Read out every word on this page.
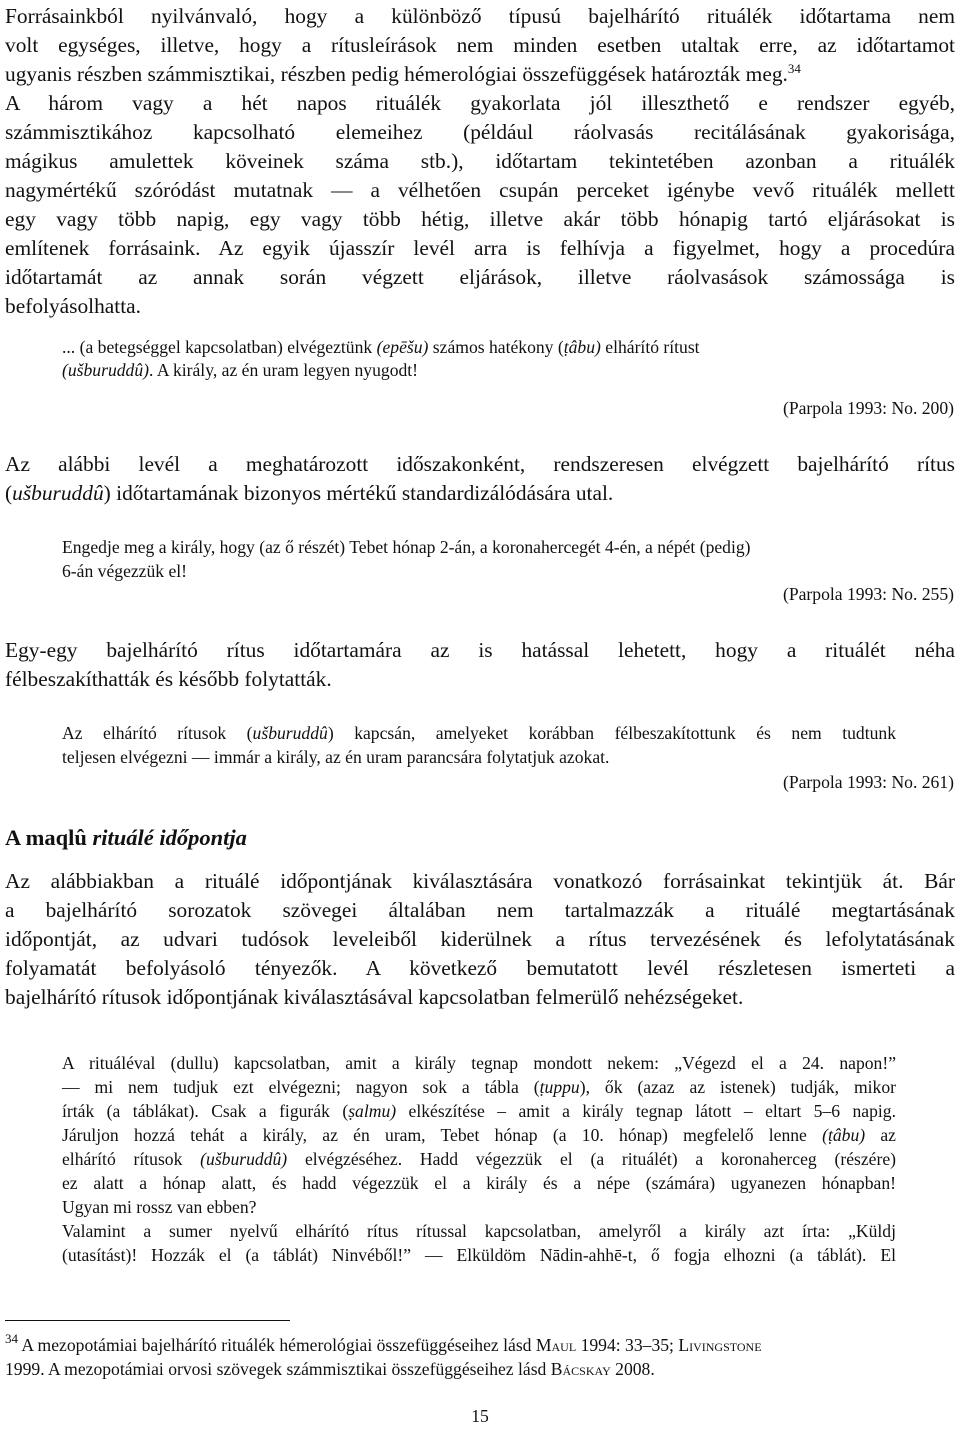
Forrásainkból nyilvánvaló, hogy a különböző típusú bajelhárító rituálék időtartama nem

volt egységes, illetve, hogy a rítusleírások nem minden esetben utaltak erre, az időtartamot

ugyanis részben számmisztikai, részben pedig hémerológiai összefüggések határozták meg.$^{34}$

A három vagy a hét napos rituálék gyakorlata jól illeszthető e rendszer egyéb,

számmisztikához kapcsolható elemeihez (például ráolvasás recitálásának gyakorisága,

mágikus amulettek köveinek száma stb.), időtartam tekintetében azonban a rituálék

nagymértékű szóródást mutatnak ― a vélhetően csupán perceket igénybe vevő rituálék mellett

egy vagy több napig, egy vagy több hétig, illetve akár több hónapig tartó eljárásokat is

említenek forrásaink. Az egyik újasszír levél arra is felhívja a figyelmet, hogy a procedúra

időtartamát az annak során végzett eljárások, illetve ráolvasások számossága is

befolyásolhatta.

... (a betegséggel kapcsolatban) elvégeztünk (epēšu) számos hatékony (ṭâbu) elhárító rítust

(ušburuddû). A király, az én uram legyen nyugodt!

(Parpola 1993: No. 200)

Az alábbi levél a meghatározott időszakonként, rendszeresen elvégzett bajelhárító rítus

(ušburuddû) időtartamának bizonyos mértékű standardizálódására utal.

Engedje meg a király, hogy (az ő részét) Tebet hónap 2-án, a koronahercegét 4-én, a népét (pedig)

6-án végezzük el!

(Parpola 1993: No. 255)

Egy-egy bajelhárító rítus időtartamára az is hatással lehetett, hogy a rituálét néha

félbeszakíthatták és később folytatták.

Az elhárító rítusok (ušburuddû) kapcsán, amelyeket korábban félbeszakítottunk és nem tudtunk

teljesen elvégezni ― immár a király, az én uram parancsára folytatjuk azokat.

(Parpola 1993: No. 261)

A maqlû rituálé időpontja

Az alábbiakban a rituálé időpontjának kiválasztására vonatkozó forrásainkat tekintjük át. Bár

a bajelhárító sorozatok szövegei általában nem tartalmazzák a rituálé megtartásának

időpontját, az udvari tudósok leveleiből kiderülnek a rítus tervezésének és lefolytatásának

folyamatát befolyásoló tényezők. A következő bemutatott levél részletesen ismerteti a

bajelhárító rítusok időpontjának kiválasztásával kapcsolatban felmerülő nehézségeket.

A rituáléval (dullu) kapcsolatban, amit a király tegnap mondott nekem: „Végezd el a 24. napon!”

― mi nem tudjuk ezt elvégezni; nagyon sok a tábla (ṭuppu), ők (azaz az istenek) tudják, mikor

írták (a táblákat). Csak a figurák (ṣalmu) elkészítése – amit a király tegnap látott – eltart 5–6 napig.

Járuljon hozzá tehát a király, az én uram, Tebet hónap (a 10. hónap) megfelelő lenne (ṭâbu) az

elhárító rítusok (ušburuddû) elvégzéséhez. Hadd végezzük el (a rituálét) a koronaherceg (részére)

ez alatt a hónap alatt, és hadd végezzük el a király és a népe (számára) ugyanezen hónapban!

Ugyan mi rossz van ebben?

Valamint a sumer nyelvű elhárító rítus rítussal kapcsolatban, amelyről a király azt írta: „Küldj

(utasítást)! Hozzák el (a táblát) Ninvéből!” ― Elküldöm Nādin-ahhē-t, ő fogja elhozni (a táblát). El

$^{34}$ A mezopotámiai bajelhárító rituálék hémerológiai összefüggéseihez lásd Maul 1994: 33–35; Livingstone
1999. A mezopotámiai orvosi szövegek számmisztikai összefüggéseihez lásd Bácskay 2008.

15
